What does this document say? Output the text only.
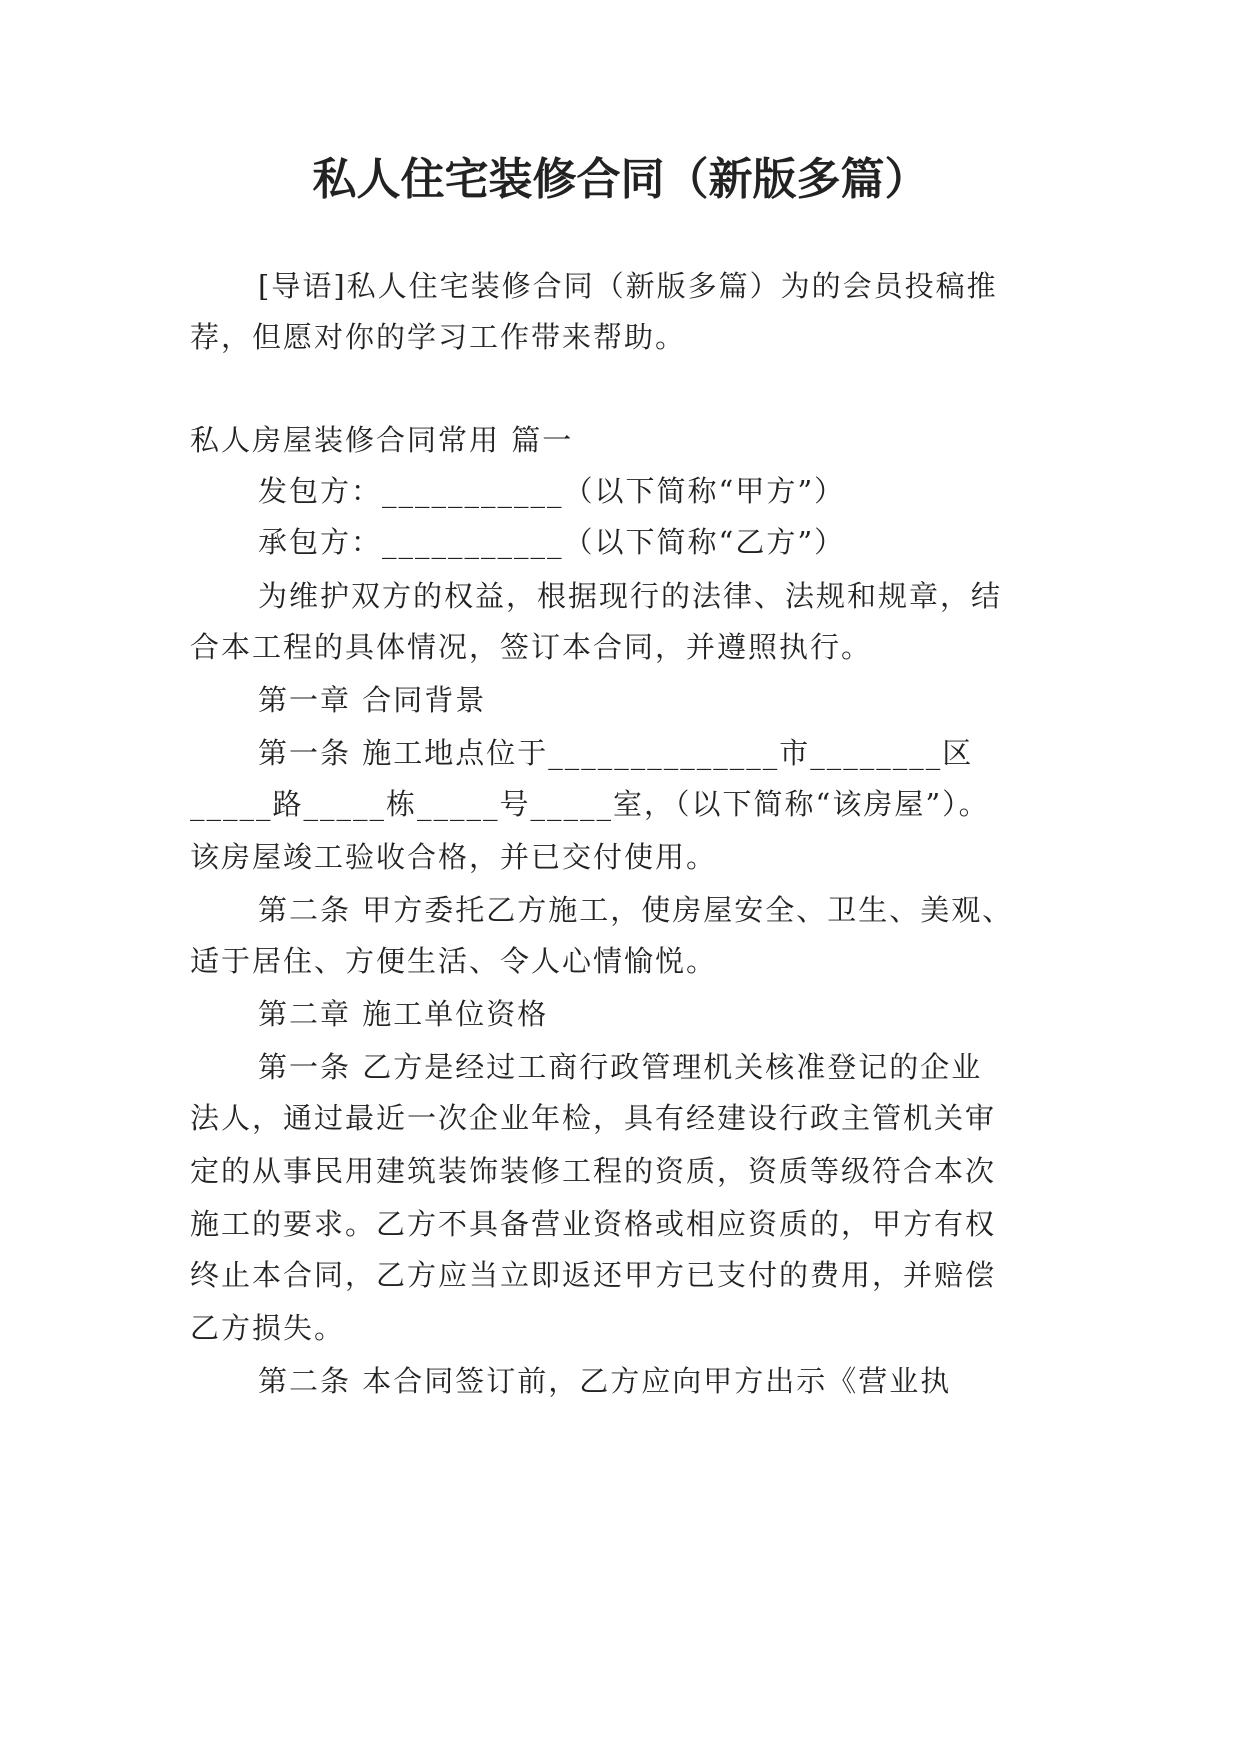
私人住宅装修合同（新版多篇）
[导语]私人住宅装修合同（新版多篇）为的会员投稿推
荐，但愿对你的学习工作带来帮助。
私人房屋装修合同常用 篇一
发包方：___________（以下简称“甲方”）
承包方：___________（以下简称“乙方”）
为维护双方的权益，根据现行的法律、法规和规章，结
合本工程的具体情况，签订本合同，并遵照执行。
第一章 合同背景
第一条 施工地点位于______________市________区
_____路_____栋_____号_____室，（以下简称“该房屋”）。
该房屋竣工验收合格，并已交付使用。
第二条 甲方委托乙方施工，使房屋安全、卫生、美观、
适于居住、方便生活、令人心情愉悦。
第二章 施工单位资格
第一条 乙方是经过工商行政管理机关核准登记的企业
法人，通过最近一次企业年检，具有经建设行政主管机关审
定的从事民用建筑装饰装修工程的资质，资质等级符合本次
施工的要求。乙方不具备营业资格或相应资质的，甲方有权
终止本合同，乙方应当立即返还甲方已支付的费用，并赔偿
乙方损失。
第二条 本合同签订前，乙方应向甲方出示《营业执
